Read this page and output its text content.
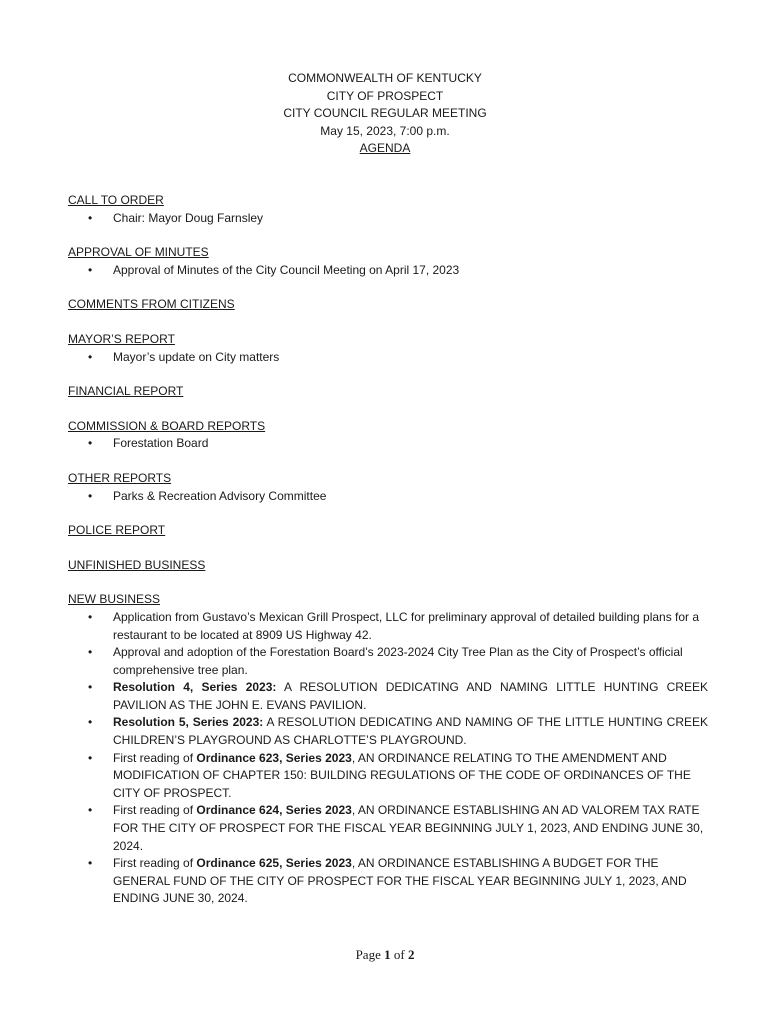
COMMONWEALTH OF KENTUCKY
CITY OF PROSPECT
CITY COUNCIL REGULAR MEETING
May 15, 2023, 7:00 p.m.
AGENDA
CALL TO ORDER
• Chair: Mayor Doug Farnsley
APPROVAL OF MINUTES
• Approval of Minutes of the City Council Meeting on April 17, 2023
COMMENTS FROM CITIZENS
MAYOR’S REPORT
• Mayor’s update on City matters
FINANCIAL REPORT
COMMISSION & BOARD REPORTS
• Forestation Board
OTHER REPORTS
• Parks & Recreation Advisory Committee
POLICE REPORT
UNFINISHED BUSINESS
NEW BUSINESS
• Application from Gustavo’s Mexican Grill Prospect, LLC for preliminary approval of detailed building plans for a restaurant to be located at 8909 US Highway 42.
• Approval and adoption of the Forestation Board’s 2023-2024 City Tree Plan as the City of Prospect’s official comprehensive tree plan.
• Resolution 4, Series 2023: A RESOLUTION DEDICATING AND NAMING LITTLE HUNTING CREEK PAVILION AS THE JOHN E. EVANS PAVILION.
• Resolution 5, Series 2023: A RESOLUTION DEDICATING AND NAMING OF THE LITTLE HUNTING CREEK CHILDREN’S PLAYGROUND AS CHARLOTTE’S PLAYGROUND.
• First reading of Ordinance 623, Series 2023, AN ORDINANCE RELATING TO THE AMENDMENT AND MODIFICATION OF CHAPTER 150: BUILDING REGULATIONS OF THE CODE OF ORDINANCES OF THE CITY OF PROSPECT.
• First reading of Ordinance 624, Series 2023, AN ORDINANCE ESTABLISHING AN AD VALOREM TAX RATE FOR THE CITY OF PROSPECT FOR THE FISCAL YEAR BEGINNING JULY 1, 2023, AND ENDING JUNE 30, 2024.
• First reading of Ordinance 625, Series 2023, AN ORDINANCE ESTABLISHING A BUDGET FOR THE GENERAL FUND OF THE CITY OF PROSPECT FOR THE FISCAL YEAR BEGINNING JULY 1, 2023, AND ENDING JUNE 30, 2024.
Page 1 of 2
